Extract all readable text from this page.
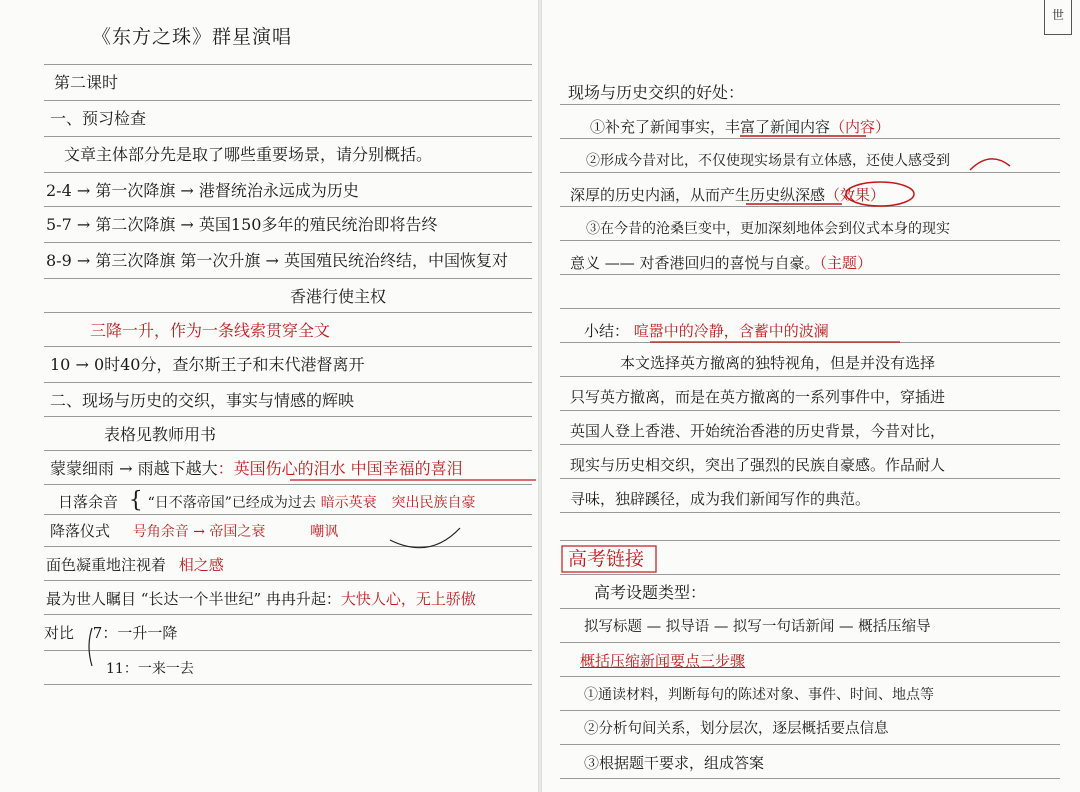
世
《东方之珠》群星演唱
第二课时
一、预习检查
文章主体部分先是取了哪些重要场景，请分别概括。
2-4 → 第一次降旗 → 港督统治永远成为历史
5-7 → 第二次降旗 → 英国150多年的殖民统治即将告终
8-9 → 第三次降旗 第一次升旗 → 英国殖民统治终结，中国恢复对
香港行使主权
三降一升，作为一条线索贯穿全文
10 → 0时40分，查尔斯王子和末代港督离开
二、现场与历史的交织，事实与情感的辉映
表格见教师用书
蒙蒙细雨 → 雨越下越大：英国伤心的泪水 中国幸福的喜泪
日落余音 { “日不落帝国”已经成为过去 暗示英衰 突出民族自豪
降落仪式 号角余音 → 帝国之衰	嘲讽
面色凝重地注视着 相之感
最为世人瞩目 “长达一个半世纪” 冉冉升起：大快人心，无上骄傲
对比 7：一升一降
11：一来一去
现场与历史交织的好处：
①补充了新闻事实，丰富了新闻内容（内容）
②形成今昔对比，不仅使现实场景有立体感，还使人感受到
深厚的历史内涵，从而产生历史纵深感（效果）
③在今昔的沧桑巨变中，更加深刻地体会到仪式本身的现实
意义 —— 对香港回归的喜悦与自豪。（主题）
小结： 喧嚣中的冷静，含蓄中的波澜
本文选择英方撤离的独特视角，但是并没有选择
只写英方撤离，而是在英方撤离的一系列事件中，穿插进
英国人登上香港、开始统治香港的历史背景，今昔对比，
现实与历史相交织，突出了强烈的民族自豪感。作品耐人
寻味，独辟蹊径，成为我们新闻写作的典范。
高考链接
高考设题类型：
拟写标题 — 拟导语 — 拟写一句话新闻 — 概括压缩导
概括压缩新闻要点三步骤
①通读材料，判断每句的陈述对象、事件、时间、地点等
②分析句间关系，划分层次，逐层概括要点信息
③根据题干要求，组成答案
